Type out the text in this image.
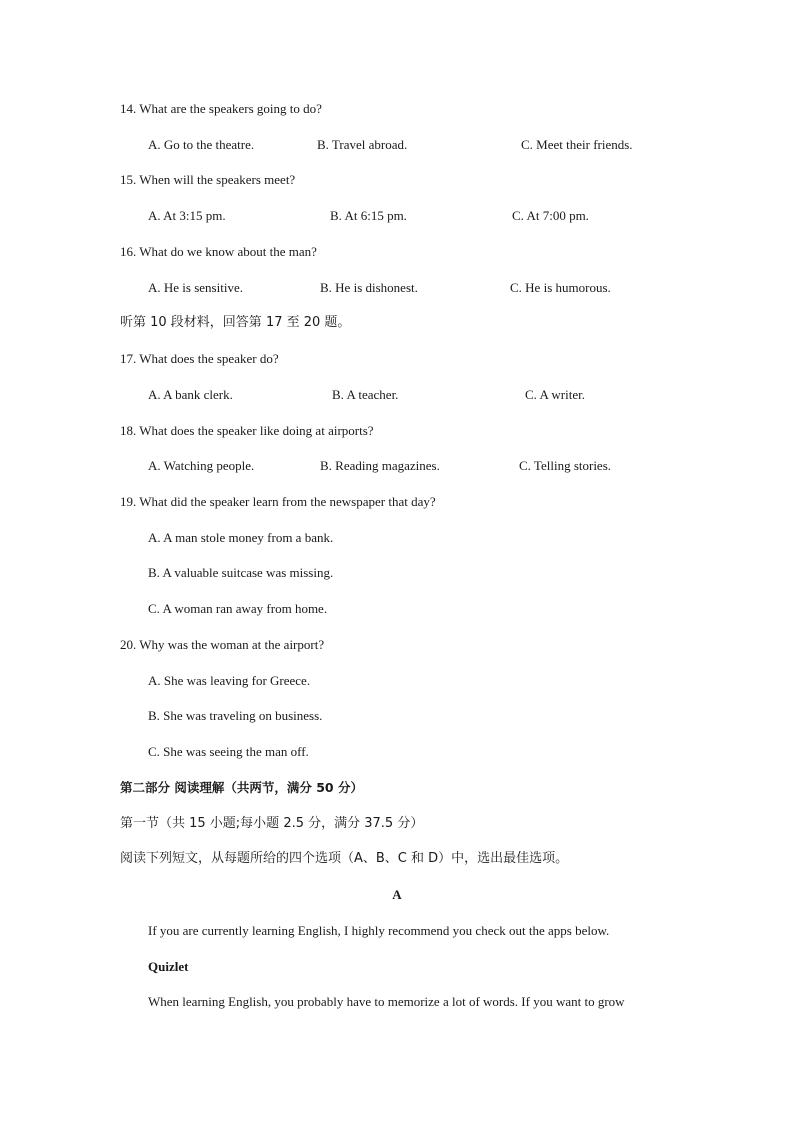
14. What are the speakers going to do?
A. Go to the theatre.	B. Travel abroad.	C. Meet their friends.
15. When will the speakers meet?
A. At 3:15 pm.	B. At 6:15 pm.	C. At 7:00 pm.
16. What do we know about the man?
A. He is sensitive.	B. He is dishonest.	C. He is humorous.
听第 10 段材料，回答第 17 至 20 题。
17. What does the speaker do?
A. A bank clerk.	B. A teacher.	C. A writer.
18. What does the speaker like doing at airports?
A. Watching people.	B. Reading magazines.	C. Telling stories.
19. What did the speaker learn from the newspaper that day?
A. A man stole money from a bank.
B. A valuable suitcase was missing.
C. A woman ran away from home.
20. Why was the woman at the airport?
A. She was leaving for Greece.
B. She was traveling on business.
C. She was seeing the man off.
第二部分 阅读理解（共两节，满分 50 分）
第一节（共 15 小题;每小题 2.5 分，满分 37.5 分）
阅读下列短文，从每题所给的四个选项（A、B、C 和 D）中，选出最佳选项。
A
If you are currently learning English, I highly recommend you check out the apps below.
Quizlet
When learning English, you probably have to memorize a lot of words. If you want to grow
